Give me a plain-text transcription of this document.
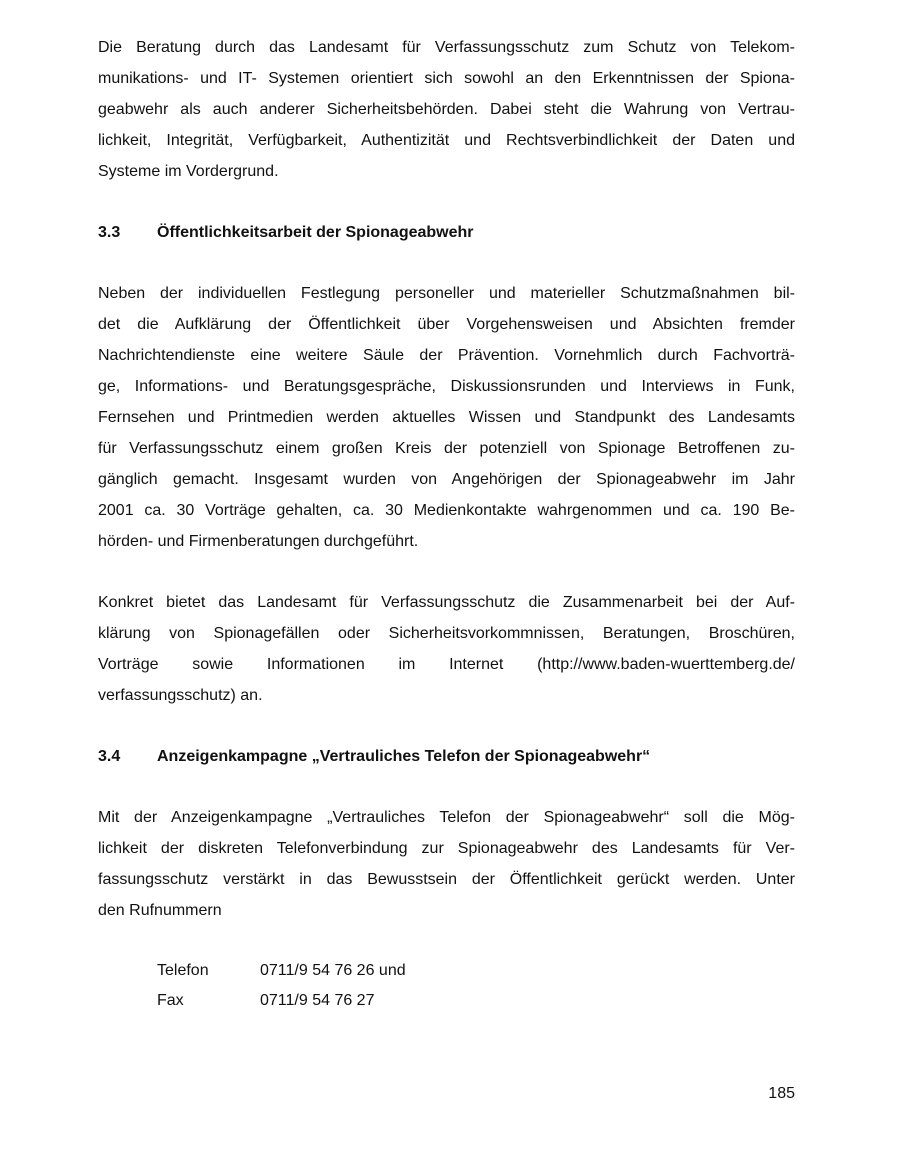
Die Beratung durch das Landesamt für Verfassungsschutz zum Schutz von Telekom-
munikations- und IT- Systemen orientiert sich sowohl an den Erkenntnissen der Spiona-
geabwehr als auch anderer Sicherheitsbehörden. Dabei steht die Wahrung von Vertrau-
lichkeit, Integrität, Verfügbarkeit, Authentizität und Rechtsverbindlichkeit der Daten und
Systeme im Vordergrund.
3.3	Öffentlichkeitsarbeit der Spionageabwehr
Neben der individuellen Festlegung personeller und materieller Schutzmaßnahmen bil-
det die Aufklärung der Öffentlichkeit über Vorgehensweisen und Absichten fremder
Nachrichtendienste eine weitere Säule der Prävention. Vornehmlich durch Fachvorträ-
ge, Informations- und Beratungsgespräche, Diskussionsrunden und Interviews in Funk,
Fernsehen und Printmedien werden aktuelles Wissen und Standpunkt des Landesamts
für Verfassungsschutz einem großen Kreis der potenziell von Spionage Betroffenen zu-
gänglich gemacht. Insgesamt wurden von Angehörigen der Spionageabwehr im Jahr
2001 ca. 30 Vorträge gehalten, ca. 30 Medienkontakte wahrgenommen und ca. 190 Be-
hörden- und Firmenberatungen durchgeführt.
Konkret bietet das Landesamt für Verfassungsschutz die Zusammenarbeit bei der Auf-
klärung von Spionagefällen oder Sicherheitsvorkommnissen, Beratungen, Broschüren,
Vorträge sowie Informationen im Internet (http://www.baden-wuerttemberg.de/
verfassungsschutz) an.
3.4	Anzeigenkampagne „Vertrauliches Telefon der Spionageabwehr“
Mit der Anzeigenkampagne „Vertrauliches Telefon der Spionageabwehr“ soll die Mög-
lichkeit der diskreten Telefonverbindung zur Spionageabwehr des Landesamts für Ver-
fassungsschutz verstärkt in das Bewusstsein der Öffentlichkeit gerückt werden. Unter
den Rufnummern
Telefon	0711/9 54 76 26 und
Fax	0711/9 54 76 27
185
